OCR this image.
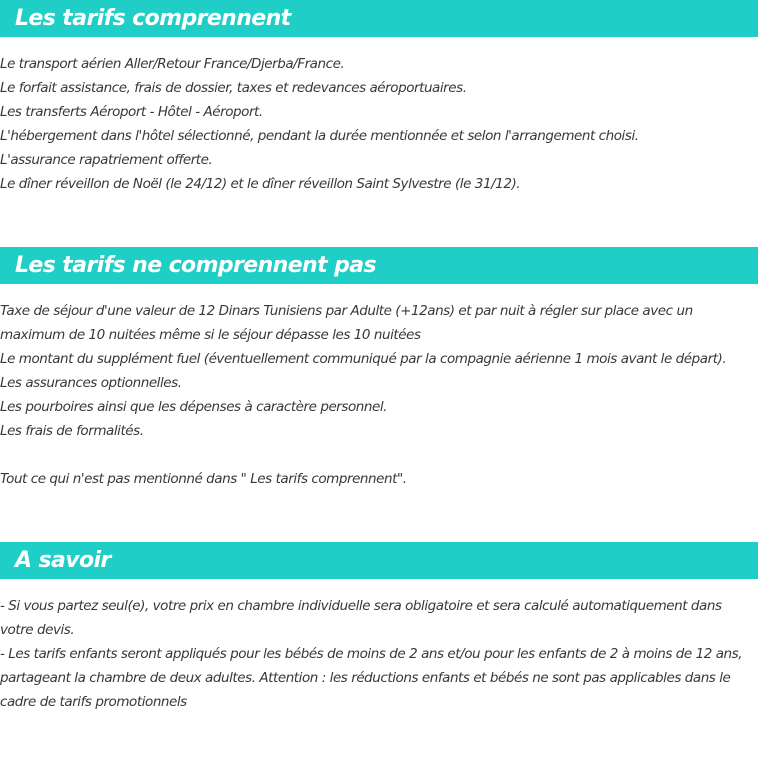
Les tarifs comprennent

Le transport aérien Aller/Retour France/Djerba/France.

Le forfait assistance, frais de dossier, taxes et redevances aéroportuaires.

Les transferts Aéroport - Hôtel - Aéroport.

L'hébergement dans l'hôtel sélectionné, pendant la durée mentionnée et selon l'arrangement choisi.

L'assurance rapatriement offerte.

Le dîner réveillon de Noël (le 24/12) et le dîner réveillon Saint Sylvestre (le 31/12).

Les tarifs ne comprennent pas

Taxe de séjour d'une valeur de 12 Dinars Tunisiens par Adulte (+12ans) et par nuit à régler sur place avec un maximum de 10 nuitées même si le séjour dépasse les 10 nuitées

Le montant du supplément fuel (éventuellement communiqué par la compagnie aérienne 1 mois avant le départ).

Les assurances optionnelles.

Les pourboires ainsi que les dépenses à caractère personnel.

Les frais de formalités.

Tout ce qui n'est pas mentionné dans " Les tarifs comprennent".

A savoir

- Si vous partez seul(e), votre prix en chambre individuelle sera obligatoire et sera calculé automatiquement dans votre devis.

- Les tarifs enfants seront appliqués pour les bébés de moins de 2 ans et/ou pour les enfants de 2 à moins de 12 ans, partageant la chambre de deux adultes. Attention : les réductions enfants et bébés ne sont pas applicables dans le cadre de tarifs promotionnels
